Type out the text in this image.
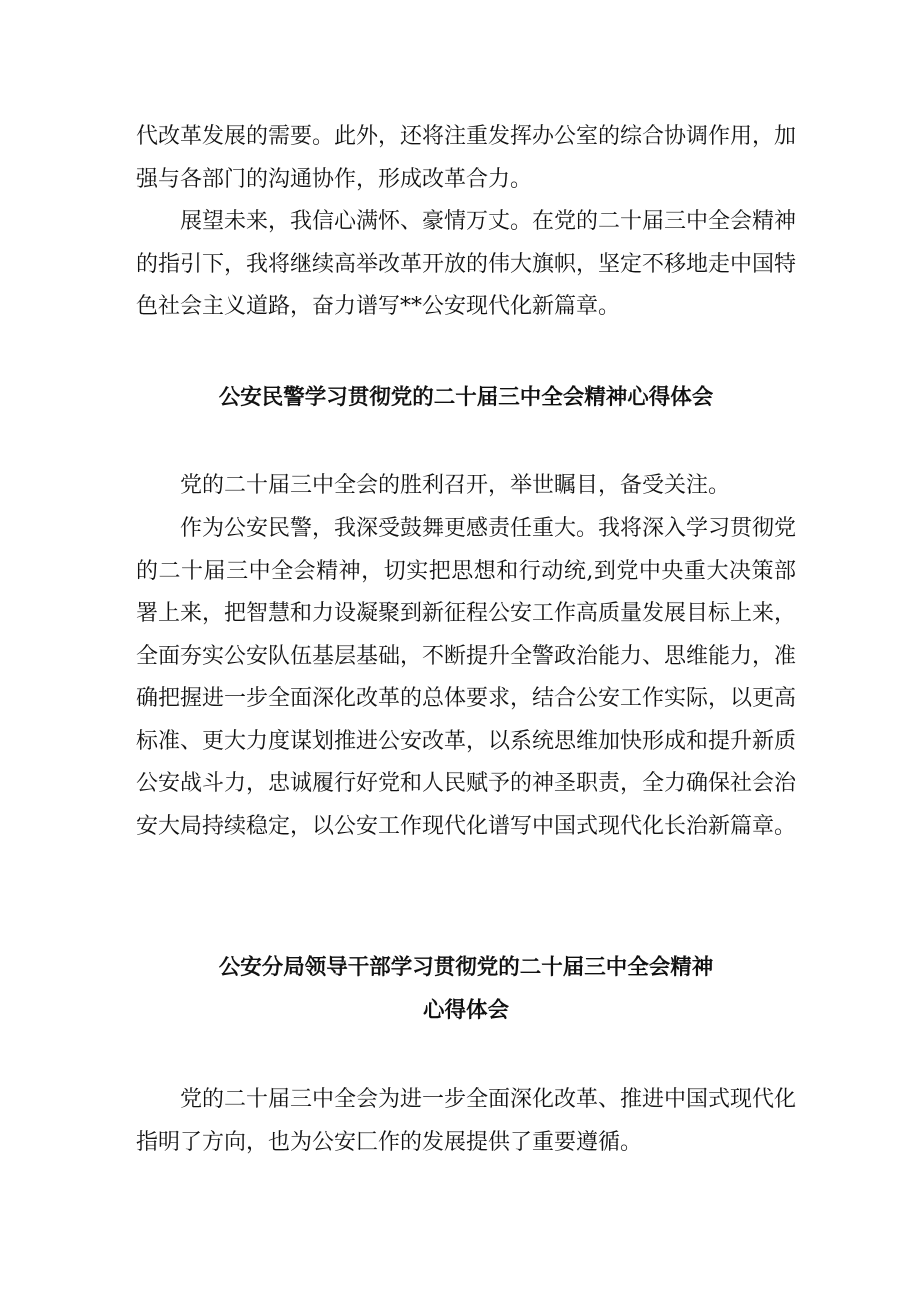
代改革发展的需要。此外，还将注重发挥办公室的综合协调作用，加强与各部门的沟通协作，形成改革合力。

展望未来，我信心满怀、豪情万丈。在党的二十届三中全会精神的指引下，我将继续高举改革开放的伟大旗帜，坚定不移地走中国特色社会主义道路，奋力谱写**公安现代化新篇章。

公安民警学习贯彻党的二十届三中全会精神心得体会

党的二十届三中全会的胜利召开，举世瞩目，备受关注。

作为公安民警，我深受鼓舞更感责任重大。我将深入学习贯彻党的二十届三中全会精神，切实把思想和行动统,到党中央重大决策部署上来，把智慧和力设凝聚到新征程公安工作高质量发展目标上来，全面夯实公安队伍基层基础，不断提升全警政治能力、思维能力，准确把握进一步全面深化改革的总体要求，结合公安工作实际，以更高标准、更大力度谋划推进公安改革，以系统思维加快形成和提升新质公安战斗力，忠诚履行好党和人民赋予的神圣职责，全力确保社会治安大局持续稳定，以公安工作现代化谱写中国式现代化长治新篇章。

公安分局领导干部学习贯彻党的二十届三中全会精神
心得体会

党的二十届三中全会为进一步全面深化改革、推进中国式现代化指明了方向，也为公安匚作的发展提供了重要遵循。
